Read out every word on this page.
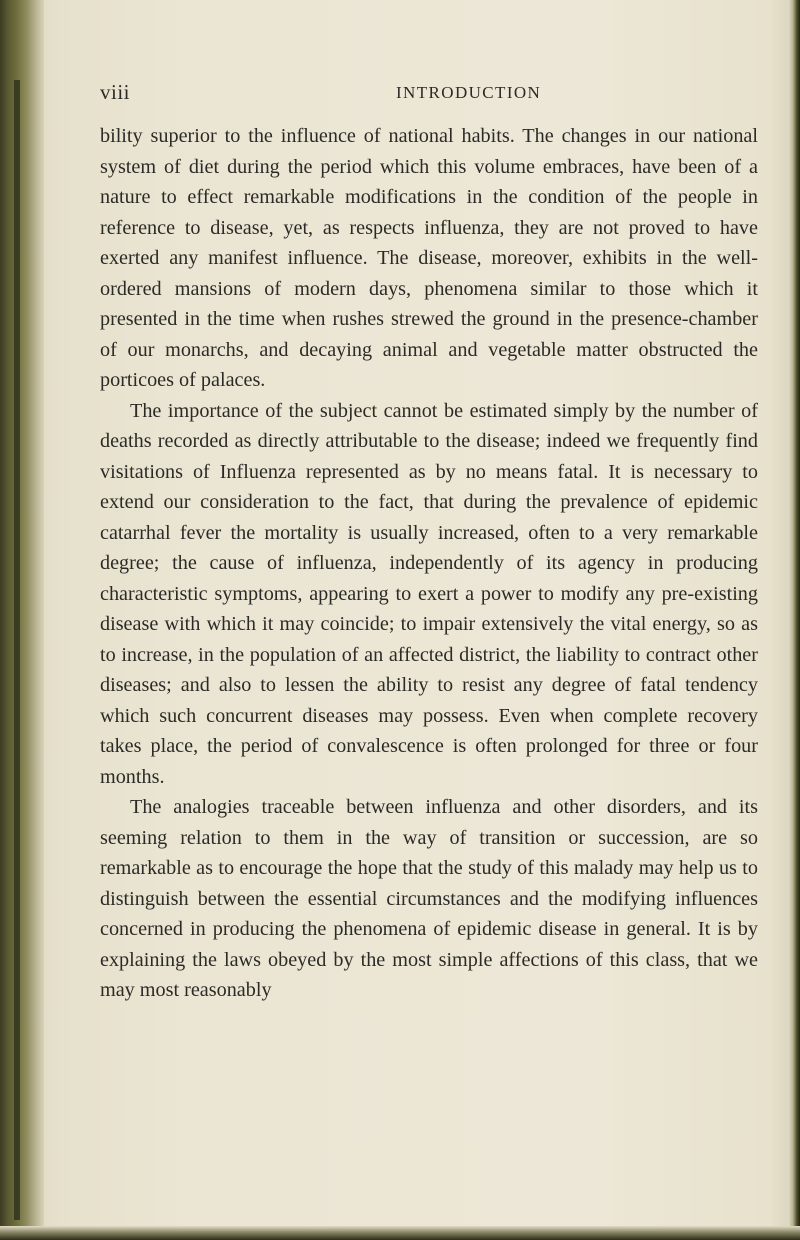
viii	INTRODUCTION

bility superior to the influence of national habits. The changes in our national system of diet during the period which this volume embraces, have been of a nature to effect remarkable modifications in the condition of the people in reference to disease, yet, as respects influenza, they are not proved to have exerted any manifest influence. The disease, moreover, exhibits in the well-ordered mansions of modern days, phenomena similar to those which it presented in the time when rushes strewed the ground in the presence-chamber of our monarchs, and decaying animal and vegetable matter obstructed the porticoes of palaces.

The importance of the subject cannot be estimated simply by the number of deaths recorded as directly attributable to the disease; indeed we frequently find visitations of Influenza represented as by no means fatal. It is necessary to extend our consideration to the fact, that during the prevalence of epidemic catarrhal fever the mortality is usually increased, often to a very remarkable degree; the cause of influenza, independently of its agency in producing characteristic symptoms, appearing to exert a power to modify any pre-existing disease with which it may coincide; to impair extensively the vital energy, so as to increase, in the population of an affected district, the liability to contract other diseases; and also to lessen the ability to resist any degree of fatal tendency which such concurrent diseases may possess. Even when complete recovery takes place, the period of convalescence is often prolonged for three or four months.

The analogies traceable between influenza and other disorders, and its seeming relation to them in the way of transition or succession, are so remarkable as to encourage the hope that the study of this malady may help us to distinguish between the essential circumstances and the modifying influences concerned in producing the phenomena of epidemic disease in general. It is by explaining the laws obeyed by the most simple affections of this class, that we may most reasonably
